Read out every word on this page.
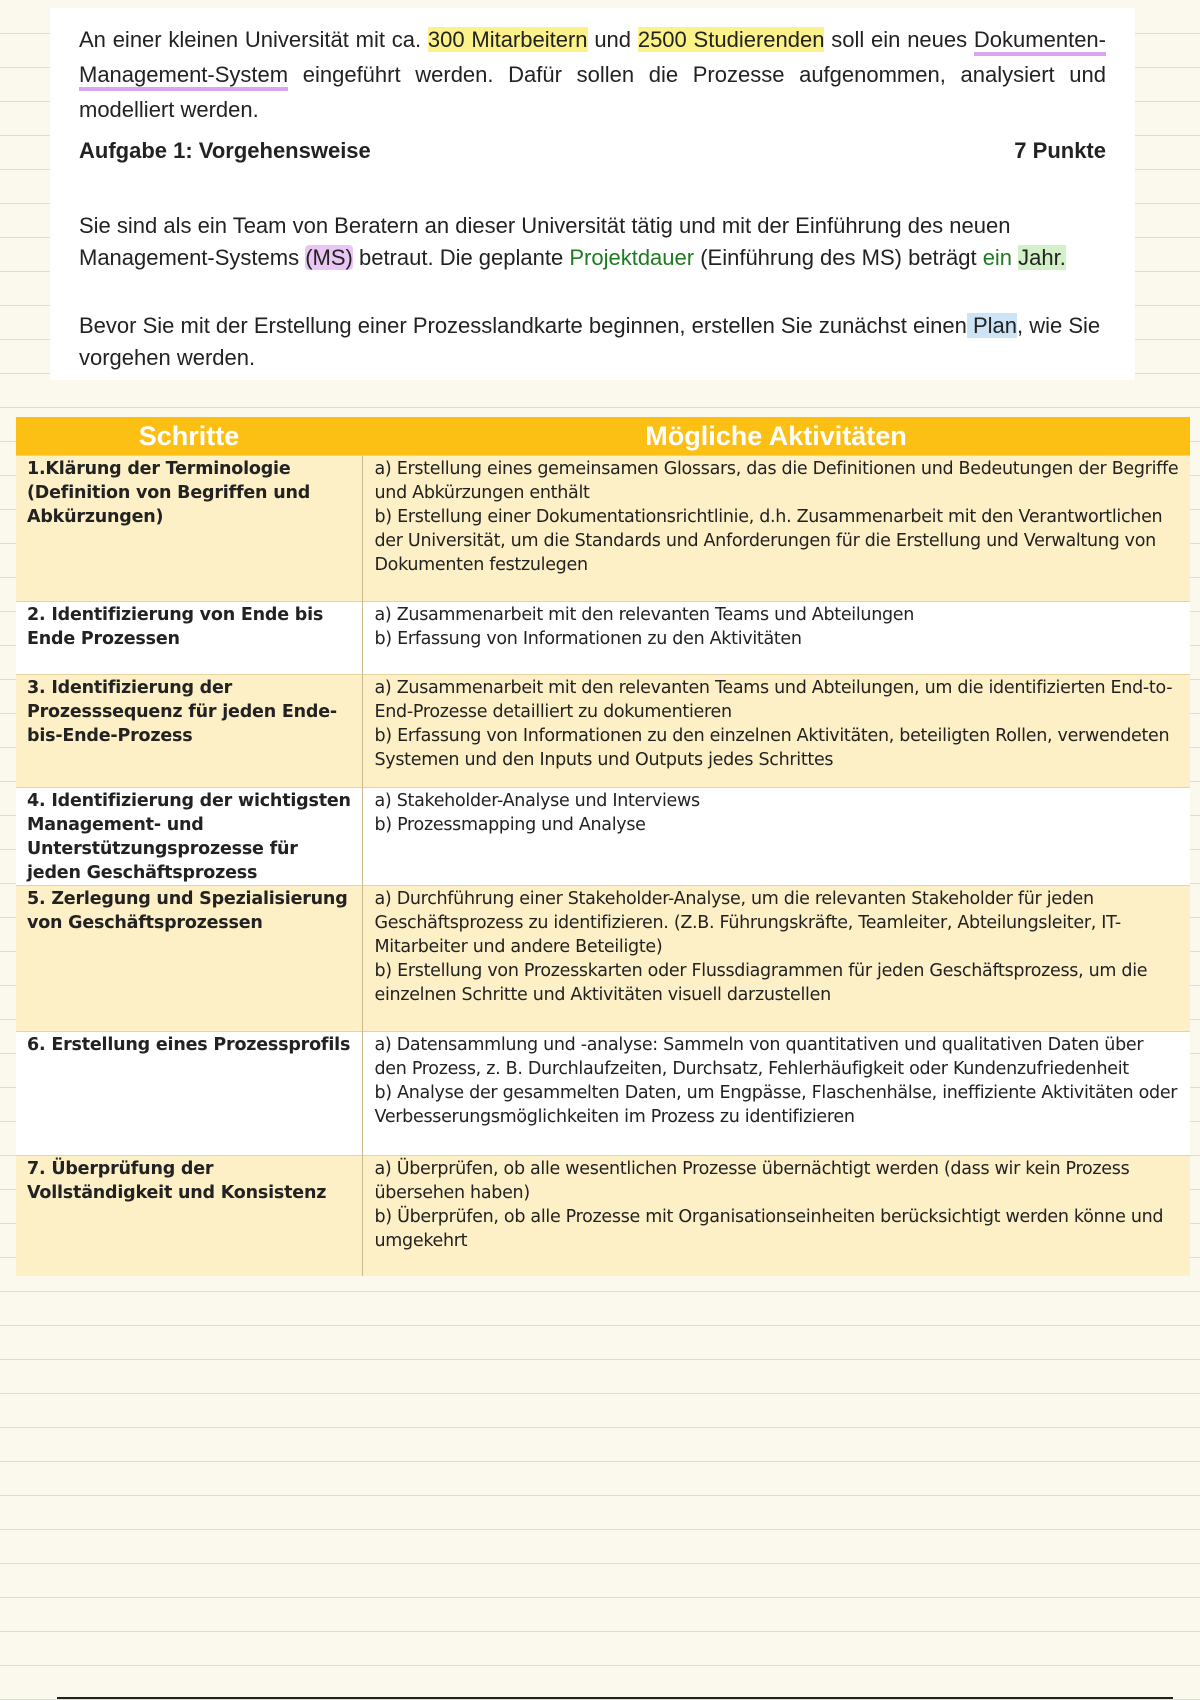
An einer kleinen Universität mit ca. 300 Mitarbeitern und 2500 Studierenden soll ein neues Dokumenten-Management-System eingeführt werden. Dafür sollen die Prozesse aufgenommen, analysiert und modelliert werden.

Aufgabe 1: Vorgehensweise	7 Punkte

Sie sind als ein Team von Beratern an dieser Universität tätig und mit der Einführung des neuen Management-Systems (MS) betraut. Die geplante Projektdauer (Einführung des MS) beträgt ein Jahr.

Bevor Sie mit der Erstellung einer Prozesslandkarte beginnen, erstellen Sie zunächst einen Plan, wie Sie vorgehen werden.

Schritte	Mögliche Aktivitäten
1.Klärung der Terminologie (Definition von Begriffen und Abkürzungen)	a) Erstellung eines gemeinsamen Glossars, das die Definitionen und Bedeutungen der Begriffe und Abkürzungen enthält
b) Erstellung einer Dokumentationsrichtlinie, d.h. Zusammenarbeit mit den Verantwortlichen der Universität, um die Standards und Anforderungen für die Erstellung und Verwaltung von Dokumenten festzulegen

2. Identifizierung von Ende bis Ende Prozessen	a) Zusammenarbeit mit den relevanten Teams und Abteilungen
b) Erfassung von Informationen zu den Aktivitäten

3. Identifizierung der Prozesssequenz für jeden Ende-bis-Ende-Prozess	a) Zusammenarbeit mit den relevanten Teams und Abteilungen, um die identifizierten End-to-End-Prozesse detailliert zu dokumentieren
b) Erfassung von Informationen zu den einzelnen Aktivitäten, beteiligten Rollen, verwendeten Systemen und den Inputs und Outputs jedes Schrittes

4. Identifizierung der wichtigsten Management- und Unterstützungsprozesse für jeden Geschäftsprozess	a) Stakeholder-Analyse und Interviews
b) Prozessmapping und Analyse

5. Zerlegung und Spezialisierung von Geschäftsprozessen	a) Durchführung einer Stakeholder-Analyse, um die relevanten Stakeholder für jeden Geschäftsprozess zu identifizieren. (Z.B. Führungskräfte, Teamleiter, Abteilungsleiter, IT-Mitarbeiter und andere Beteiligte)
b) Erstellung von Prozesskarten oder Flussdiagrammen für jeden Geschäftsprozess, um die einzelnen Schritte und Aktivitäten visuell darzustellen

6. Erstellung eines Prozessprofils	a) Datensammlung und -analyse: Sammeln von quantitativen und qualitativen Daten über den Prozess, z. B. Durchlaufzeiten, Durchsatz, Fehlerhäufigkeit oder Kundenzufriedenheit
b) Analyse der gesammelten Daten, um Engpässe, Flaschenhälse, ineffiziente Aktivitäten oder Verbesserungsmöglichkeiten im Prozess zu identifizieren

7. Überprüfung der Vollständigkeit und Konsistenz	a) Überprüfen, ob alle wesentlichen Prozesse übernächtigt werden (dass wir kein Prozess übersehen haben)
b) Überprüfen, ob alle Prozesse mit Organisationseinheiten berücksichtigt werden könne und umgekehrt
